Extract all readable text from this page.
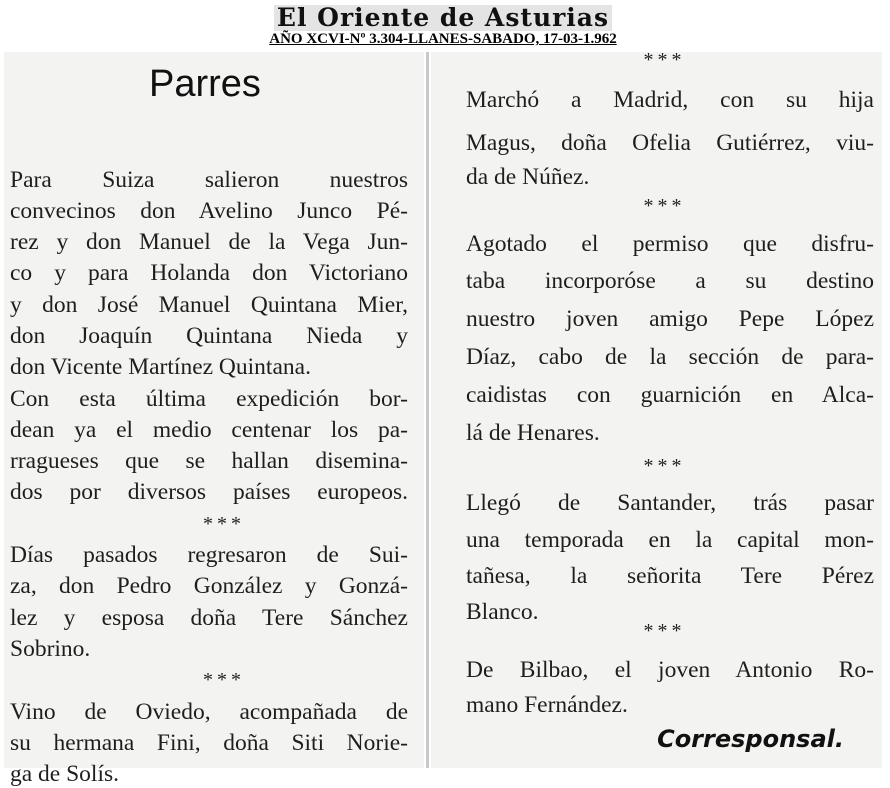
El Oriente de Asturias
AÑO XCVI-Nº 3.304-LLANES-SABADO, 17-03-1.962
Parres
Para Suiza salieron nuestros
convecinos don Avelino Junco Pé-
rez y don Manuel de la Vega Jun-
co y para Holanda don Victoriano
y don José Manuel Quintana Mier,
don Joaquín Quintana Nieda y
don Vicente Martínez Quintana.
Con esta última expedición bor-
dean ya el medio centenar los pa-
rragueses que se hallan disemina-
dos por diversos países europeos.
***
Días pasados regresaron de Sui-
za, don Pedro González y Gonzá-
lez y esposa doña Tere Sánchez
Sobrino.
***
Vino de Oviedo, acompañada de
su hermana Fini, doña Siti Norie-
ga de Solís.
***
Marchó a Madrid, con su hija
Magus, doña Ofelia Gutiérrez, viu-
da de Núñez.
***
Agotado el permiso que disfru-
taba incorporóse a su destino
nuestro joven amigo Pepe López
Díaz, cabo de la sección de para-
caidistas con guarnición en Alca-
lá de Henares.
***
Llegó de Santander, trás pasar
una temporada en la capital mon-
tañesa, la señorita Tere Pérez
Blanco.
***
De Bilbao, el joven Antonio Ro-
mano Fernández.
Corresponsal.
